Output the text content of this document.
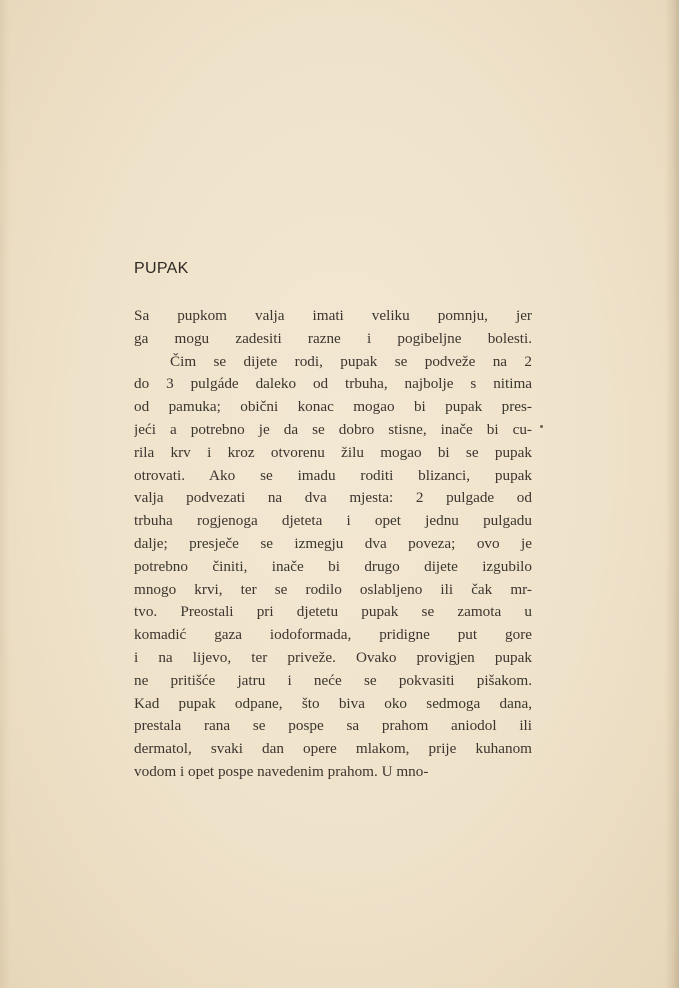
PUPAK
Sa pupkom valja imati veliku pomnju, jer
ga mogu zadesiti razne i pogibeljne bolesti.
Čim se dijete rodi, pupak se podveže na 2
do 3 pulgáde daleko od trbuha, najbolje s nitima
od pamuka; obični konac mogao bi pupak pres-
jeći a potrebno je da se dobro stisne, inače bi cu-
rila krv i kroz otvorenu žilu mogao bi se pupak
otrovati. Ako se imadu roditi blizanci, pupak
valja podvezati na dva mjesta: 2 pulgade od
trbuha rogjenoga djeteta i opet jednu pulgadu
dalje; presječe se izmegju dva poveza; ovo je
potrebno činiti, inače bi drugo dijete izgubilo
mnogo krvi, ter se rodilo oslabljeno ili čak mr-
tvo. Preostali pri djetetu pupak se zamota u
komadić gaza iodoformada, pridigne put gore
i na lijevo, ter priveže. Ovako provigjen pupak
ne pritišće jatru i neće se pokvasiti pišakom.
Kad pupak odpane, što biva oko sedmoga dana,
prestala rana se pospe sa prahom aniodol ili
dermatol, svaki dan opere mlakom, prije kuhanom
vodom i opet pospe navedenim prahom. U mno-
